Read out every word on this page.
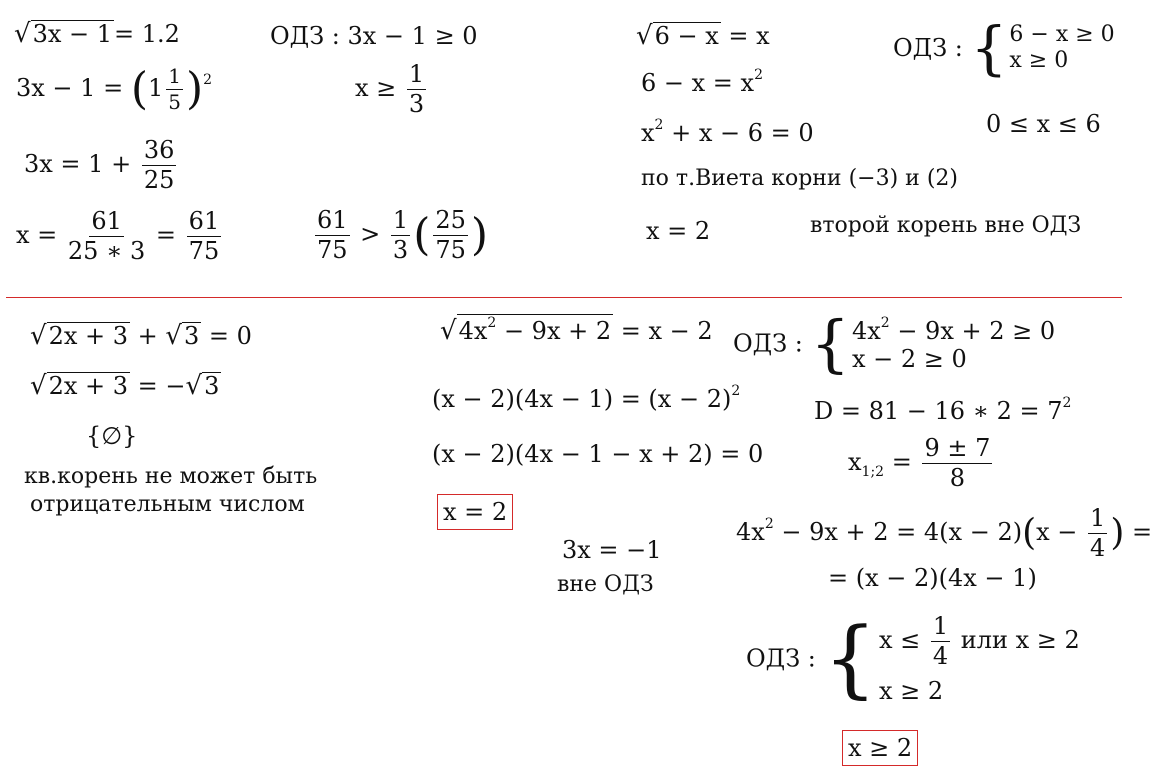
√3x − 1= 1.2
$3x - 1 = (1 \frac{1}{5} )^2$
$3x = 1 + \frac{36}{25}$
$x = \frac{61}{25 ∗ 3} = \frac{61}{75}$
ОДЗ : 3x − 1 ≥ 0
$x \ge \frac{1}{3}$
$\frac{61}{75} > \frac{1}{3}$ ( $\frac{25}{75}$ )
√6 − x = x
$6 - x = x^2$
$x^2 + x - 6 = 0$
по т.Виета корни (−3) и (2)
x = 2
ОДЗ : { 6 − x ≥ 0
x ≥ 0
0 ≤ x ≤ 6
второй корень вне ОДЗ
√2x + 3 + √3 = 0
√2x + 3 = −√3
{∅}
кв.корень не может быть
отрицательным числом
$√4x^2 - 9x + 2 = x - 2$
$(x - 2)(4x - 1) = (x - 2)^2$
(x − 2)(4x − 1 − x + 2) = 0
x = 2
3x = −1
вне ОДЗ
ОДЗ : { $4x^2 - 9x + 2 \ge 0$
x − 2 ≥ 0
D = 81 − 16 ∗ $2 = 7^2$
$x_{1;2} = \frac{9 \pm 7}{8}$
$4x^2 - 9x + 2 = 4(x - 2)(x - \frac{1}{4}$ ) =
= (x − 2)(4x − 1)
ОДЗ : { $x \le \frac{1}{4}$ или x ≥ 2
x ≥ 2
x ≥ 2
